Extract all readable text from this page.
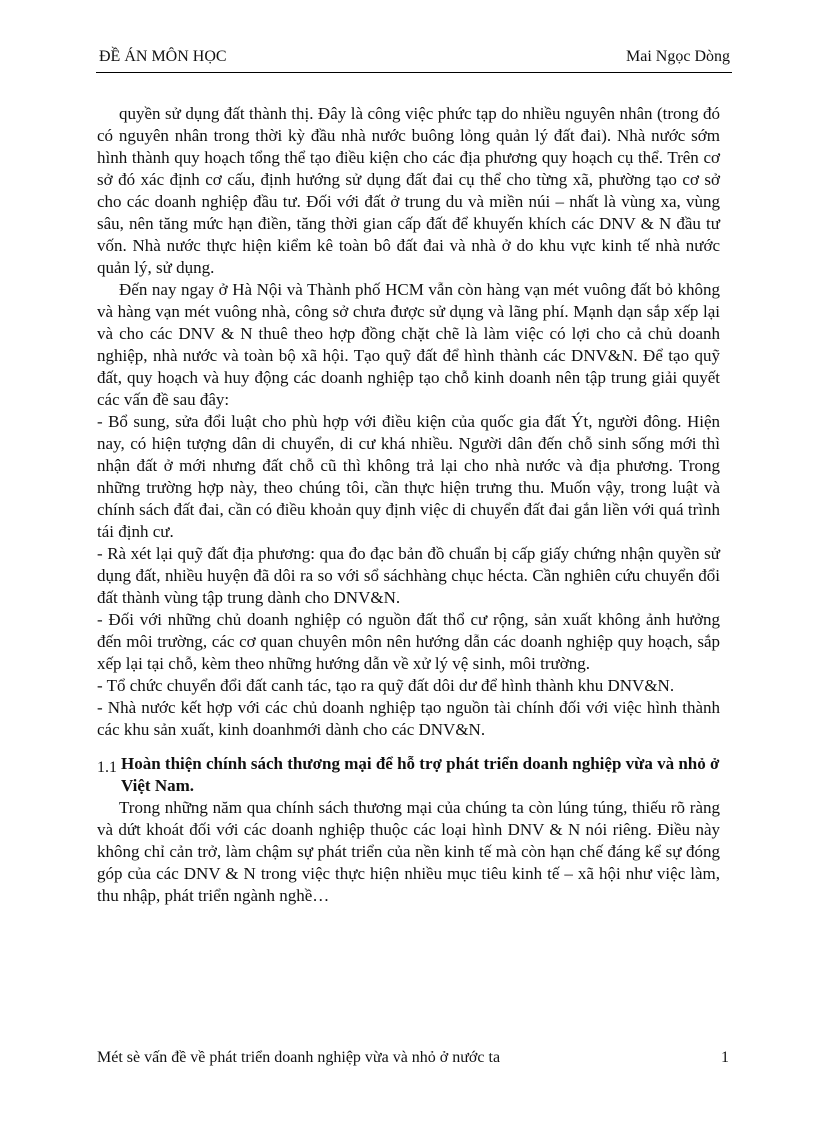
ĐỀ ÁN MÔN HỌC	Mai Ngọc Dòng

quyền sử dụng đất thành thị. Đây là công việc phức tạp do nhiều nguyên nhân (trong đó có nguyên nhân trong thời kỳ đầu nhà nước buông lỏng quản lý đất đai). Nhà nước sớm hình thành quy hoạch tổng thể tạo điều kiện cho các địa phương quy hoạch cụ thể. Trên cơ sở đó xác định cơ cấu, định hướng sử dụng đất đai cụ thể cho từng xã, phường tạo cơ sở cho các doanh nghiệp đầu tư. Đối với đất ở trung du và miền núi – nhất là vùng xa, vùng sâu, nên tăng mức hạn điền, tăng thời gian cấp đất để khuyến khích các DNV & N đầu tư vốn. Nhà nước thực hiện kiểm kê toàn bô đất đai và nhà ở do khu vực kinh tế nhà nước quản lý, sử dụng.

Đến nay ngay ở Hà Nội và Thành phố HCM vẫn còn hàng vạn mét vuông đất bỏ không và hàng vạn mét vuông nhà, công sở chưa được sử dụng và lãng phí. Mạnh dạn sắp xếp lại và cho các DNV & N thuê theo hợp đồng chặt chẽ là làm việc có lợi cho cả chủ doanh nghiệp, nhà nước và toàn bộ xã hội. Tạo quỹ đất để hình thành các DNV&N. Để tạo quỹ đất, quy hoạch và huy động các doanh nghiệp tạo chỗ kinh doanh nên tập trung giải quyết các vấn đề sau đây:

- Bổ sung, sửa đổi luật cho phù hợp với điều kiện của quốc gia đất Ýt, người đông. Hiện nay, có hiện tượng dân di chuyển, di cư khá nhiều. Người dân đến chỗ sinh sống mới thì nhận đất ở mới nhưng đất chỗ cũ thì không trả lại cho nhà nước và địa phương. Trong những trường hợp này, theo chúng tôi, cần thực hiện trưng thu. Muốn vậy, trong luật và chính sách đất đai, cần có điều khoản quy định việc di chuyển đất đai gắn liền với quá trình tái định cư.

- Rà xét lại quỹ đất địa phương: qua đo đạc bản đồ chuẩn bị cấp giấy chứng nhận quyền sử dụng đất, nhiều huyện đã dôi ra so với sổ sáchhàng chục hécta. Cần nghiên cứu chuyển đổi đất thành vùng tập trung dành cho DNV&N.

- Đối với những chủ doanh nghiệp có nguồn đất thổ cư rộng, sản xuất không ảnh hưởng đến môi trường, các cơ quan chuyên môn nên hướng dẫn các doanh nghiệp quy hoạch, sắp xếp lại tại chỗ, kèm theo những hướng dẫn về xử lý vệ sinh, môi trường.

- Tổ chức chuyển đổi đất canh tác, tạo ra quỹ đất dôi dư để hình thành khu DNV&N.

- Nhà nước kết hợp với các chủ doanh nghiệp tạo nguồn tài chính đối với việc hình thành các khu sản xuất, kinh doanhmới dành cho các DNV&N.

1.1 Hoàn thiện chính sách thương mại để hỗ trợ phát triển doanh nghiệp vừa và nhỏ ở Việt Nam.

Trong những năm qua chính sách thương mại của chúng ta còn lúng túng, thiếu rõ ràng và dứt khoát đối với các doanh nghiệp thuộc các loại hình DNV & N nói riêng. Điều này không chỉ cản trở, làm chậm sự phát triển của nền kinh tế mà còn hạn chế đáng kể sự đóng góp của các DNV & N trong việc thực hiện nhiều mục tiêu kinh tế – xã hội như việc làm, thu nhập, phát triển ngành nghề…

Mét sè vấn đề về phát triển doanh nghiệp vừa và nhỏ ở nước ta	1
